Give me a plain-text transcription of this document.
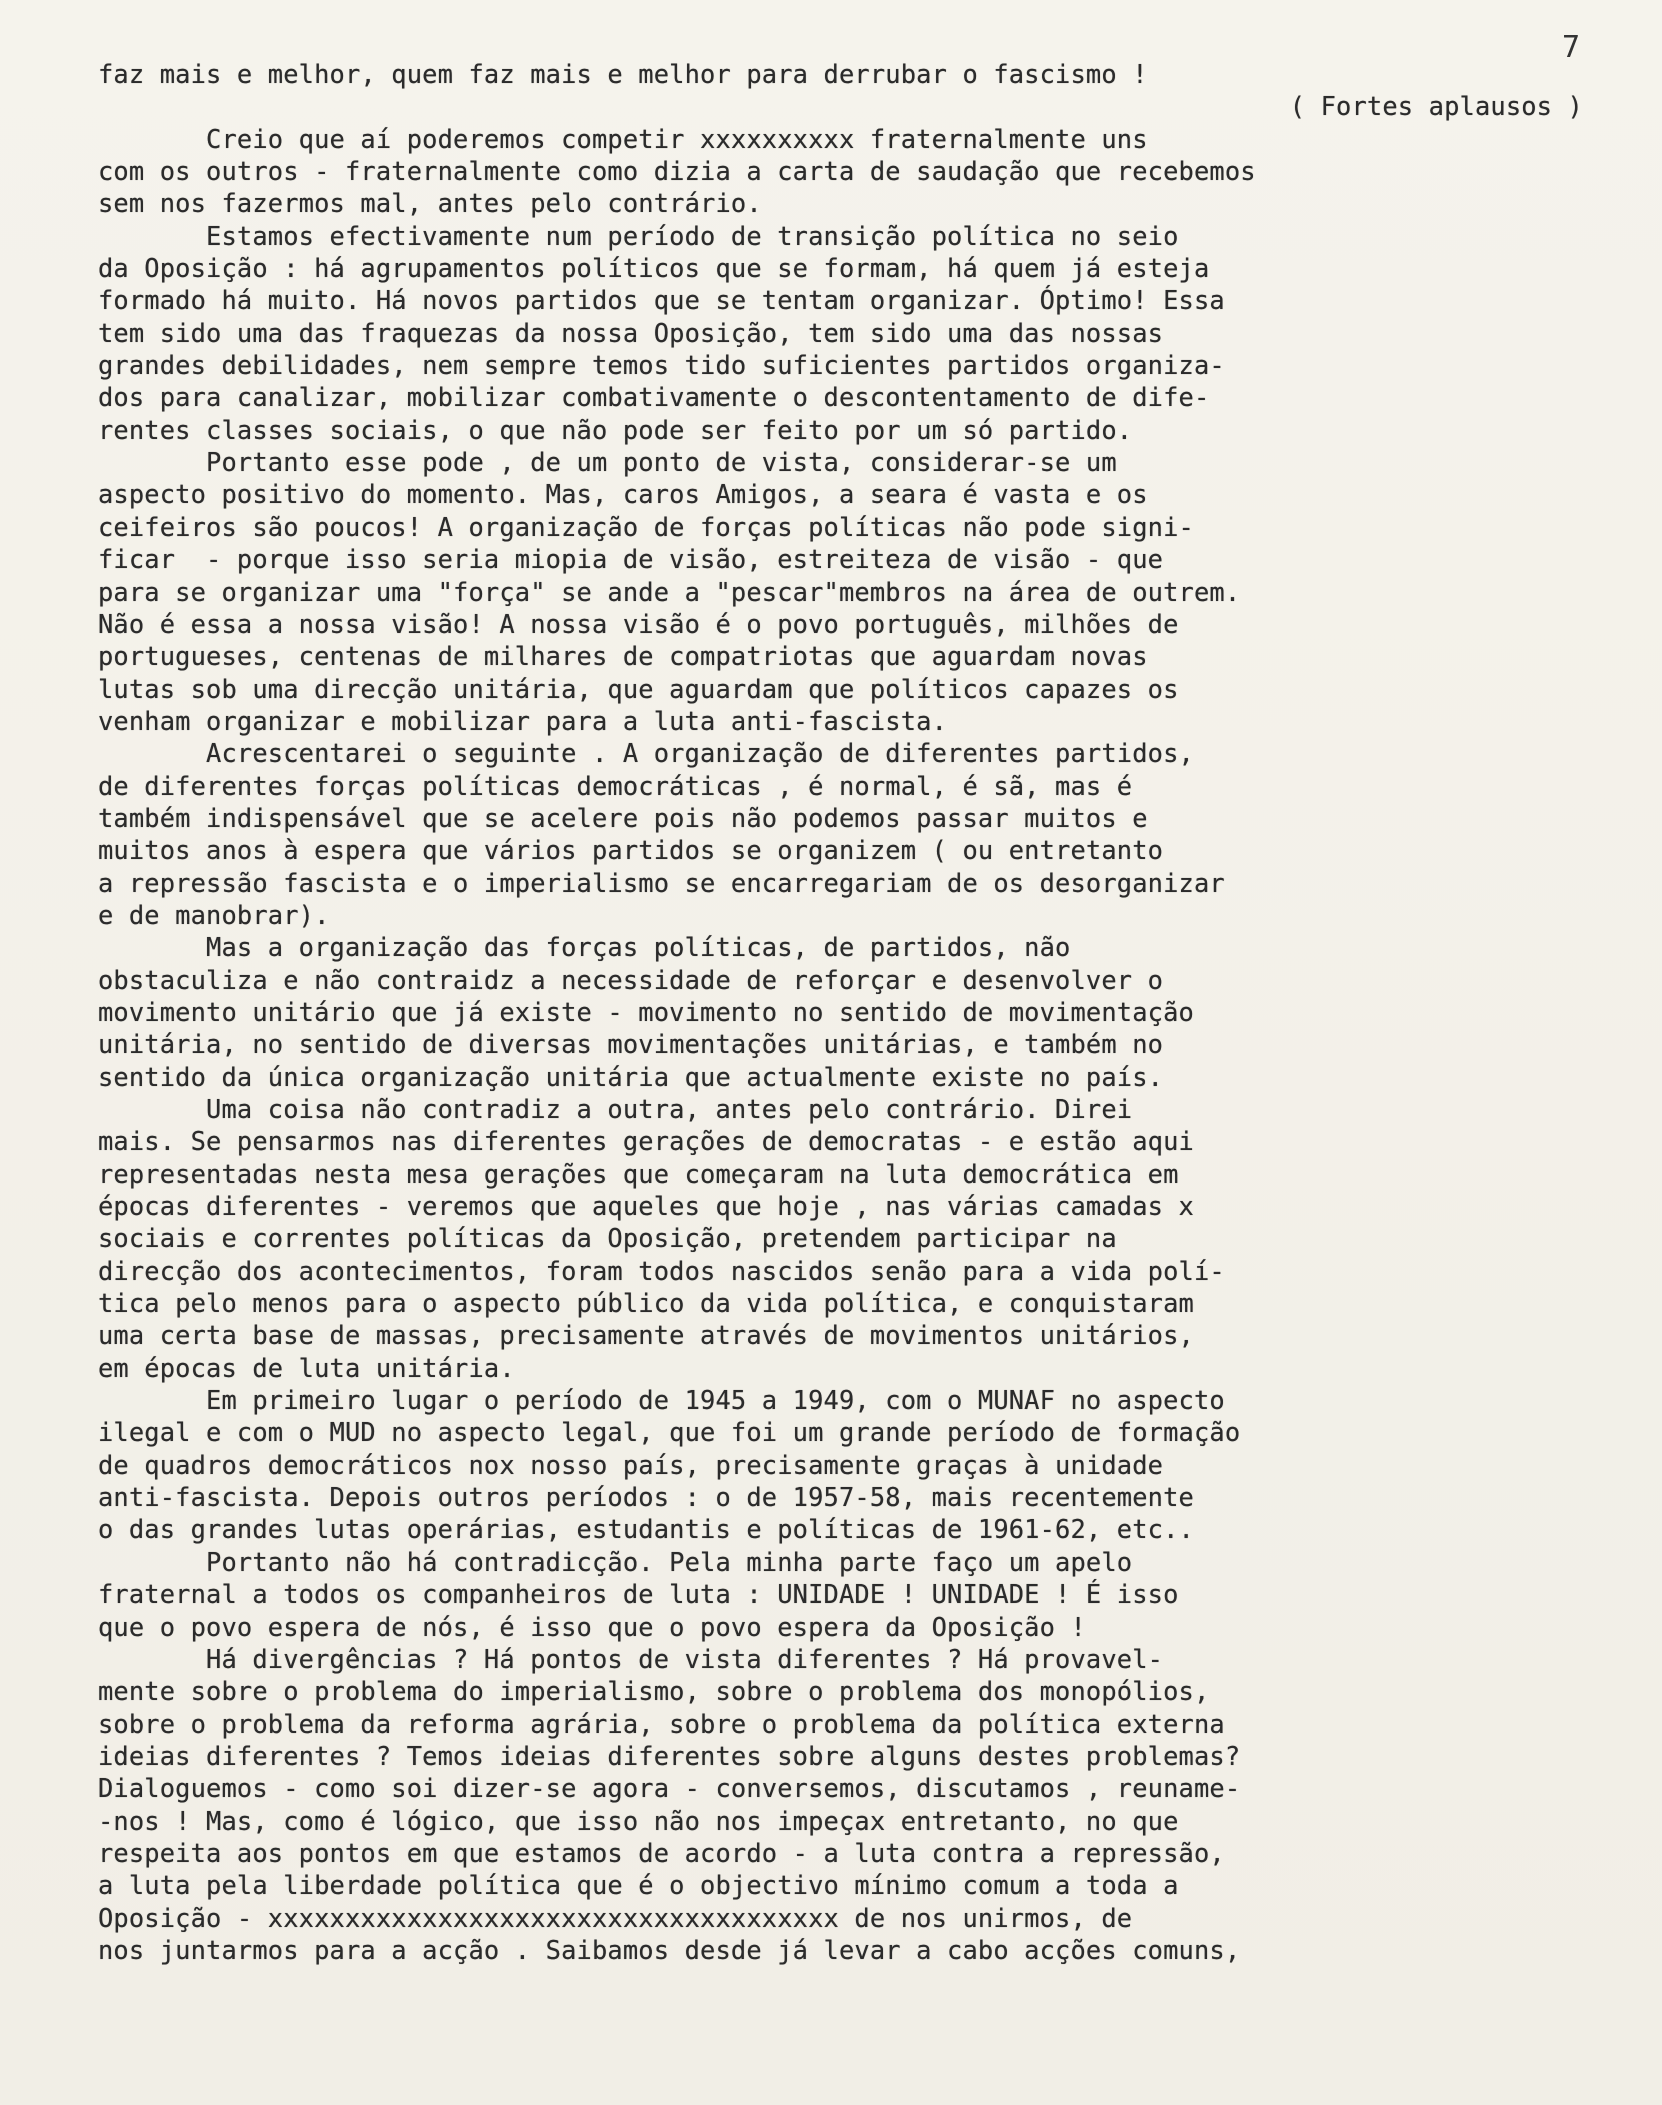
7
faz mais e melhor, quem faz mais e melhor para derrubar o fascismo !
( Fortes aplausos )
Creio que aí poderemos competir xxxxxxxxxx fraternalmente uns
com os outros - fraternalmente como dizia a carta de saudação que recebemos
sem nos fazermos mal, antes pelo contrário.
Estamos efectivamente num período de transição política no seio
da Oposição : há agrupamentos políticos que se formam, há quem já esteja
formado há muito. Há novos partidos que se tentam organizar. Óptimo! Essa
tem sido uma das fraquezas da nossa Oposição, tem sido uma das nossas
grandes debilidades, nem sempre temos tido suficientes partidos organiza-
dos para canalizar, mobilizar combativamente o descontentamento de dife-
rentes classes sociais, o que não pode ser feito por um só partido.
Portanto esse pode , de um ponto de vista, considerar-se um
aspecto positivo do momento. Mas, caros Amigos, a seara é vasta e os
ceifeiros são poucos! A organização de forças políticas não pode signi-
ficar  - porque isso seria miopia de visão, estreiteza de visão - que
para se organizar uma "força" se ande a "pescar"membros na área de outrem.
Não é essa a nossa visão! A nossa visão é o povo português, milhões de
portugueses, centenas de milhares de compatriotas que aguardam novas
lutas sob uma direcção unitária, que aguardam que políticos capazes os
venham organizar e mobilizar para a luta anti-fascista.
Acrescentarei o seguinte . A organização de diferentes partidos,
de diferentes forças políticas democráticas , é normal, é sã, mas é
também indispensável que se acelere pois não podemos passar muitos e
muitos anos à espera que vários partidos se organizem ( ou entretanto
a repressão fascista e o imperialismo se encarregariam de os desorganizar
e de manobrar).
Mas a organização das forças políticas, de partidos, não
obstaculiza e não contraidz a necessidade de reforçar e desenvolver o
movimento unitário que já existe - movimento no sentido de movimentação
unitária, no sentido de diversas movimentações unitárias, e também no
sentido da única organização unitária que actualmente existe no país.
Uma coisa não contradiz a outra, antes pelo contrário. Direi
mais. Se pensarmos nas diferentes gerações de democratas - e estão aqui
representadas nesta mesa gerações que começaram na luta democrática em
épocas diferentes - veremos que aqueles que hoje , nas várias camadas x
sociais e correntes políticas da Oposição, pretendem participar na
direcção dos acontecimentos, foram todos nascidos senão para a vida polí-
tica pelo menos para o aspecto público da vida política, e conquistaram
uma certa base de massas, precisamente através de movimentos unitários,
em épocas de luta unitária.
Em primeiro lugar o período de 1945 a 1949, com o MUNAF no aspecto
ilegal e com o MUD no aspecto legal, que foi um grande período de formação
de quadros democráticos nox nosso país, precisamente graças à unidade
anti-fascista. Depois outros períodos : o de 1957-58, mais recentemente
o das grandes lutas operárias, estudantis e políticas de 1961-62, etc..
Portanto não há contradicção. Pela minha parte faço um apelo
fraternal a todos os companheiros de luta : UNIDADE ! UNIDADE ! É isso
que o povo espera de nós, é isso que o povo espera da Oposição !
Há divergências ? Há pontos de vista diferentes ? Há provavel-
mente sobre o problema do imperialismo, sobre o problema dos monopólios,
sobre o problema da reforma agrária, sobre o problema da política externa
ideias diferentes ? Temos ideias diferentes sobre alguns destes problemas?
Dialoguemos - como soi dizer-se agora - conversemos, discutamos , reuname-
-nos ! Mas, como é lógico, que isso não nos impeçax entretanto, no que
respeita aos pontos em que estamos de acordo - a luta contra a repressão,
a luta pela liberdade política que é o objectivo mínimo comum a toda a
Oposição - xxxxxxxxxxxxxxxxxxxxxxxxxxxxxxxxxxxxx de nos unirmos, de
nos juntarmos para a acção . Saibamos desde já levar a cabo acções comuns,
